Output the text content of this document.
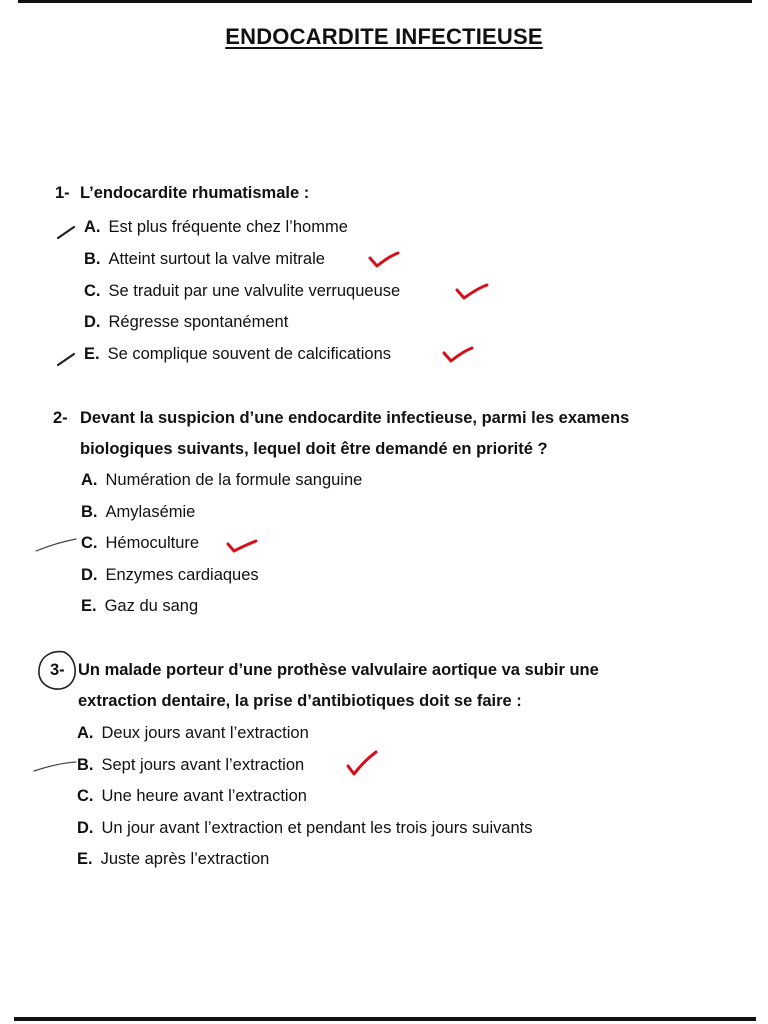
ENDOCARDITE INFECTIEUSE
1- L’endocardite rhumatismale :
A. Est plus fréquente chez l’homme
B. Atteint surtout la valve mitrale
C. Se traduit par une valvulite verruqueuse
D. Régresse spontanément
E. Se complique souvent de calcifications
2- Devant la suspicion d’une endocardite infectieuse, parmi les examens
biologiques suivants, lequel doit être demandé en priorité ?
A. Numération de la formule sanguine
B. Amylasémie
C. Hémoculture
D. Enzymes cardiaques
E. Gaz du sang
3- Un malade porteur d’une prothèse valvulaire aortique va subir une
extraction dentaire, la prise d’antibiotiques doit se faire :
A. Deux jours avant l’extraction
B. Sept jours avant l’extraction
C. Une heure avant l’extraction
D. Un jour avant l’extraction et pendant les trois jours suivants
E. Juste après l’extraction
